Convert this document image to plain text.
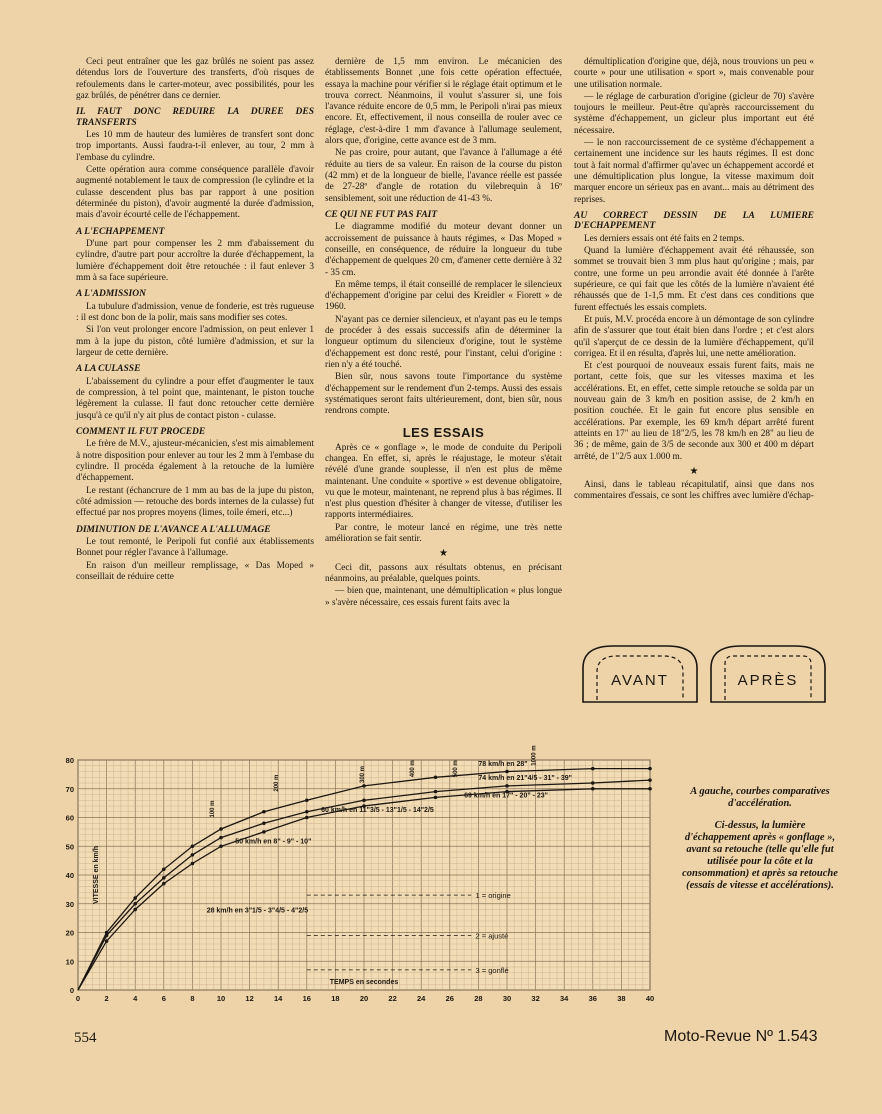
Ceci peut entraîner que les gaz brûlés ne soient pas assez détendus lors de l'ouverture des transferts, d'où risques de refoulements dans le carter-moteur, avec possibilités, pour les gaz brûlés, de pénétrer dans ce dernier.

IL FAUT DONC REDUIRE LA DUREE DES TRANSFERTS

Les 10 mm de hauteur des lumières de transfert sont donc trop importants. Aussi faudra-t-il enlever, au tour, 2 mm à l'embase du cylindre.

Cette opération aura comme conséquence parallèle d'avoir augmenté notablement le taux de compression (le cylindre et la culasse descendent plus bas par rapport à une position déterminée du piston), d'avoir augmenté la durée d'admission, mais d'avoir écourté celle de l'échappement.

A L'ECHAPPEMENT

D'une part pour compenser les 2 mm d'abaissement du cylindre, d'autre part pour accroître la durée d'échappement, la lumière d'échappement doit être retouchée : il faut enlever 3 mm à sa face supérieure.

A L'ADMISSION

La tubulure d'admission, venue de fonderie, est très rugueuse : il est donc bon de la polir, mais sans modifier ses cotes.

Si l'on veut prolonger encore l'admission, on peut enlever 1 mm à la jupe du piston, côté lumière d'admission, et sur la largeur de cette dernière.

A LA CULASSE

L'abaissement du cylindre a pour effet d'augmenter le taux de compression, à tel point que, maintenant, le piston touche légèrement la culasse. Il faut donc retoucher cette dernière jusqu'à ce qu'il n'y ait plus de contact piston - culasse.

COMMENT IL FUT PROCEDE

Le frère de M.V., ajusteur-mécanicien, s'est mis aimablement à notre disposition pour enlever au tour les 2 mm à l'embase du cylindre. Il procéda également à la retouche de la lumière d'échappement.

Le restant (échancrure de 1 mm au bas de la jupe du piston, côté admission — retouche des bords internes de la culasse) fut effectué par nos propres moyens (limes, toile émeri, etc...)

DIMINUTION DE L'AVANCE A L'ALLUMAGE

Le tout remonté, le Peripoli fut confié aux établissements Bonnet pour régler l'avance à l'allumage.

En raison d'un meilleur remplissage, « Das Moped » conseillait de réduire cette

dernière de 1,5 mm environ. Le mécanicien des établissements Bonnet ,une fois cette opération effectuée, essaya la machine pour vérifier si le réglage était optimum et le trouva correct. Néanmoins, il voulut s'assurer si, une fois l'avance réduite encore de 0,5 mm, le Peripoli n'irai pas mieux encore. Et, effectivement, il nous conseilla de rouler avec ce réglage, c'est-à-dire 1 mm d'avance à l'allumage seulement, alors que, d'origine, cette avance est de 3 mm.

Ne pas croire, pour autant, que l'avance à l'allumage a été réduite au tiers de sa valeur. En raison de la course du piston (42 mm) et de la longueur de bielle, l'avance réelle est passée de 27-28º d'angle de rotation du vilebrequin à 16º sensiblement, soit une réduction de 41-43 %.

CE QUI NE FUT PAS FAIT

Le diagramme modifié du moteur devant donner un accroissement de puissance à hauts régimes, « Das Moped » conseille, en conséquence, de réduire la longueur du tube d'échappement de quelques 20 cm, d'amener cette dernière à 32 - 35 cm.

En même temps, il était conseillé de remplacer le silencieux d'échappement d'origine par celui des Kreidler « Fiorett » de 1960.

N'ayant pas ce dernier silencieux, et n'ayant pas eu le temps de procéder à des essais successifs afin de déterminer la longueur optimum du silencieux d'origine, tout le système d'échappement est donc resté, pour l'instant, celui d'origine : rien n'y a été touché.

Bien sûr, nous savons toute l'importance du système d'échappement sur le rendement d'un 2-temps. Aussi des essais systématiques seront faits ultérieurement, dont, bien sûr, nous rendrons compte.

LES ESSAIS

Après ce « gonflage », le mode de conduite du Peripoli changea. En effet, si, après le réajustage, le moteur s'était révélé d'une grande souplesse, il n'en est plus de même maintenant. Une conduite « sportive » est devenue obligatoire, vu que le moteur, maintenant, ne reprend plus à bas régimes. Il n'est plus question d'hésiter à changer de vitesse, d'utiliser les rapports intermédiaires.

Par contre, le moteur lancé en régime, une très nette amélioration se fait sentir.

★

Ceci dit, passons aux résultats obtenus, en précisant néanmoins, au préalable, quelques points.

— bien que, maintenant, une démultiplication « plus longue » s'avère nécessaire, ces essais furent faits avec la

démultiplication d'origine que, déjà, nous trouvions un peu « courte » pour une utilisation « sport », mais convenable pour une utilisation normale.

— le réglage de carburation d'origine (gicleur de 70) s'avère toujours le meilleur. Peut-être qu'après raccourcissement du système d'échappement, un gicleur plus important eut été nécessaire.

— le non raccourcissement de ce système d'échappement a certainement une incidence sur les hauts régimes. Il est donc tout à fait normal d'affirmer qu'avec un échappement accordé et une démultiplication plus longue, la vitesse maximum doit marquer encore un sérieux pas en avant... mais au détriment des reprises.

AU CORRECT DESSIN DE LA LUMIERE D'ECHAPPEMENT

Les derniers essais ont été faits en 2 temps.

Quand la lumière d'échappement avait été réhaussée, son sommet se trouvait bien 3 mm plus haut qu'origine ; mais, par contre, une forme un peu arrondie avait été donnée à l'arête supérieure, ce qui fait que les côtés de la lumière n'avaient été réhaussés que de 1-1,5 mm. Et c'est dans ces conditions que furent effectués les essais complets.

Et puis, M.V. procéda encore à un démontage de son cylindre afin de s'assurer que tout était bien dans l'ordre ; et c'est alors qu'il s'aperçut de ce dessin de la lumière d'échappement, qu'il corrigea. Et il en résulta, d'après lui, une nette amélioration.

Et c'est pourquoi de nouveaux essais furent faits, mais ne portant, cette fois, que sur les vitesses maxima et les accélérations. Et, en effet, cette simple retouche se solda par un nouveau gain de 3 km/h en position assise, de 2 km/h en position couchée. Et le gain fut encore plus sensible en accélérations. Par exemple, les 69 km/h départ arrêté furent atteints en 17" au lieu de 18"2/5, les 78 km/h en 28" au lieu de 36 ; de même, gain de 3/5 de seconde aux 300 et 400 m départ arrêté, de 1"2/5 aux 1.000 m.

★

Ainsi, dans le tableau récapitulatif, ainsi que dans nos commentaires d'essais, ce sont les chiffres avec lumière d'échap-

AVANT	APRÈS
0	2	4	6	8	10	12	14	16	18	20	22	24	26	28	30	32	34	36	38	40
0
10
20
30
40
50
60
70
80
TEMPS en secondes
VITESSE en km/h	1 = origine
2 = ajusté
3 = gonflé
78 km/h en 28"
74 km/h en 21"4/5 - 31" - 39"
69 km/h en 17" - 20" - 23"
60 km/h en 11"3/5 - 13"1/5 - 14"2/5
50 km/h en 8" - 9" - 10"
28 km/h en 3"1/5 - 3"4/5 - 4"2/5
400 m	500 m
1000 m
300 m
200 m
100 m

A gauche, courbes comparatives d'accélération.

Ci-dessus, la lumière d'échappement après « gonflage », avant sa retouche (telle qu'elle fut utilisée pour la côte et la consommation) et après sa retouche (essais de vitesse et accélérations).

554	Moto-Revue Nº 1.543
